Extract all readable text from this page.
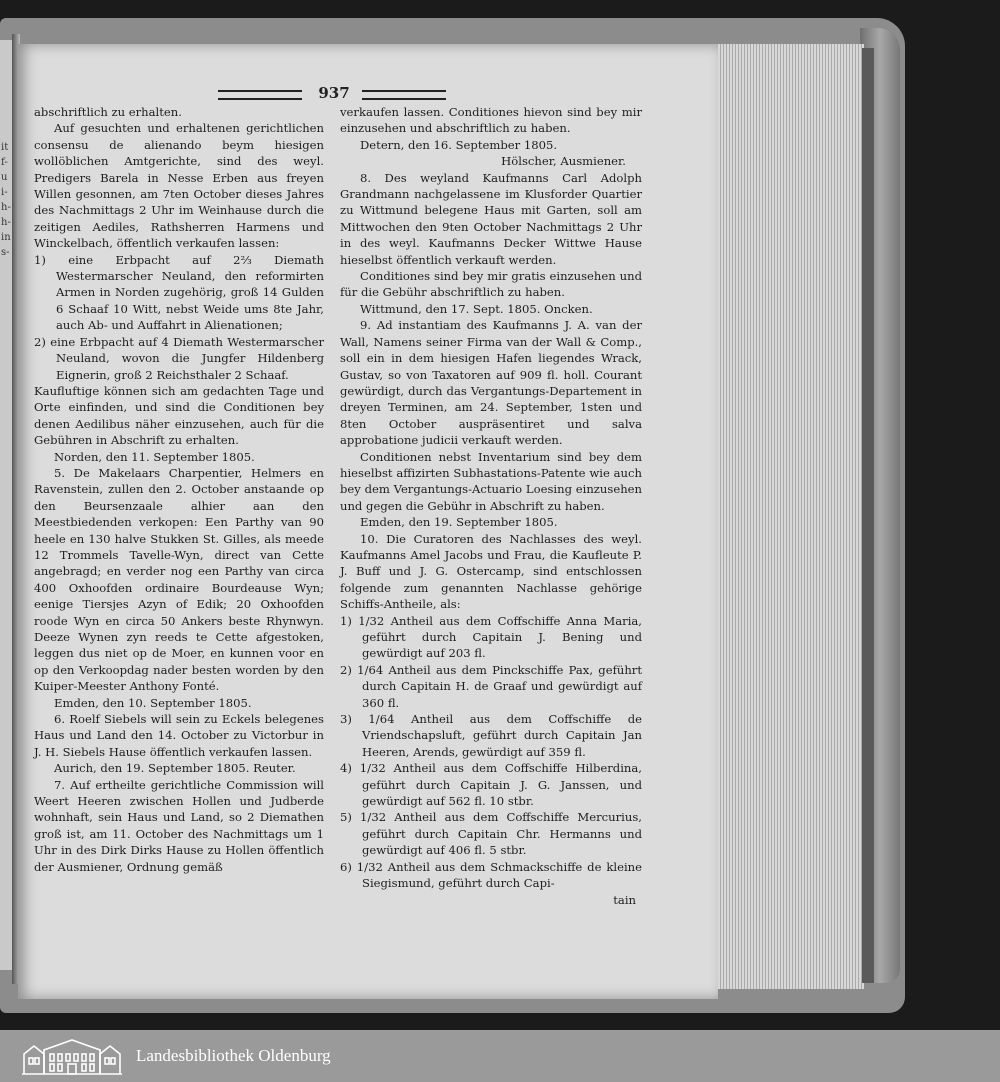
it f- u i- h- h- in s-
937

abschriftlich zu erhalten.

Auf gesuchten und erhaltenen gerichtlichen consensu de alienando beym hiesigen wollöblichen Amtgerichte, sind des weyl. Predigers Barela in Nesse Erben aus freyen Willen gesonnen, am 7ten October dieses Jahres des Nachmittags 2 Uhr im Weinhause durch die zeitigen Aediles, Rathsherren Harmens und Winckelbach, öffentlich verkaufen lassen:

1) eine Erbpacht auf 2⅔ Diemath Westermarscher Neuland, den reformirten Armen in Norden zugehörig, groß 14 Gulden 6 Schaaf 10 Witt, nebst Weide ums 8te Jahr, auch Ab- und Auffahrt in Alienationen;

2) eine Erbpacht auf 4 Diemath Westermarscher Neuland, wovon die Jungfer Hildenberg Eignerin, groß 2 Reichsthaler 2 Schaaf.

Kaufluftige können sich am gedachten Tage und Orte einfinden, und sind die Conditionen bey denen Aedilibus näher einzusehen, auch für die Gebühren in Abschrift zu erhalten.

Norden, den 11. September 1805.

5. De Makelaars Charpentier, Helmers en Ravenstein, zullen den 2. October anstaande op den Beursenzaale alhier aan den Meestbiedenden verkopen: Een Parthy van 90 heele en 130 halve Stukken St. Gilles, als meede 12 Trommels Tavelle-Wyn, direct van Cette angebragd; en verder nog een Parthy van circa 400 Oxhoofden ordinaire Bourdeause Wyn; eenige Tiersjes Azyn of Edik; 20 Oxhoofden roode Wyn en circa 50 Ankers beste Rhynwyn. Deeze Wynen zyn reeds te Cette afgestoken, leggen dus niet op de Moer, en kunnen voor en op den Verkoopdag nader besten worden by den Kuiper-Meester Anthony Fonté.

Emden, den 10. September 1805.

6. Roelf Siebels will sein zu Eckels belegenes Haus und Land den 14. October zu Victorbur in J. H. Siebels Hause öffentlich verkaufen lassen.

Aurich, den 19. September 1805. Reuter.

7. Auf ertheilte gerichtliche Commission will Weert Heeren zwischen Hollen und Judberde wohnhaft, sein Haus und Land, so 2 Diemathen groß ist, am 11. October des Nachmittags um 1 Uhr in des Dirk Dirks Hause zu Hollen öffentlich der Ausmiener, Ordnung gemäß

verkaufen lassen. Conditiones hievon sind bey mir einzusehen und abschriftlich zu haben.

Detern, den 16. September 1805.

Hölscher, Ausmiener.

8. Des weyland Kaufmanns Carl Adolph Grandmann nachgelassene im Klusforder Quartier zu Wittmund belegene Haus mit Garten, soll am Mittwochen den 9ten October Nachmittags 2 Uhr in des weyl. Kaufmanns Decker Wittwe Hause hieselbst öffentlich verkauft werden.

Conditiones sind bey mir gratis einzusehen und für die Gebühr abschriftlich zu haben.

Wittmund, den 17. Sept. 1805. Oncken.

9. Ad instantiam des Kaufmanns J. A. van der Wall, Namens seiner Firma van der Wall & Comp., soll ein in dem hiesigen Hafen liegendes Wrack, Gustav, so von Taxatoren auf 909 fl. holl. Courant gewürdigt, durch das Vergantungs-Departement in dreyen Terminen, am 24. September, 1sten und 8ten October auspräsentiret und salva approbatione judicii verkauft werden.

Conditionen nebst Inventarium sind bey dem hieselbst affizirten Subhastations-Patente wie auch bey dem Vergantungs-Actuario Loesing einzusehen und gegen die Gebühr in Abschrift zu haben.

Emden, den 19. September 1805.

10. Die Curatoren des Nachlasses des weyl. Kaufmanns Amel Jacobs und Frau, die Kaufleute P. J. Buff und J. G. Ostercamp, sind entschlossen folgende zum genannten Nachlasse gehörige Schiffs-Antheile, als:

1) 1/32 Antheil aus dem Coffschiffe Anna Maria, geführt durch Capitain J. Bening und gewürdigt auf 203 fl.

2) 1/64 Antheil aus dem Pinckschiffe Pax, geführt durch Capitain H. de Graaf und gewürdigt auf 360 fl.

3) 1/64 Antheil aus dem Coffschiffe de Vriendschapsluft, geführt durch Capitain Jan Heeren, Arends, gewürdigt auf 359 fl.

4) 1/32 Antheil aus dem Coffschiffe Hilberdina, geführt durch Capitain J. G. Janssen, und gewürdigt auf 562 fl. 10 stbr.

5) 1/32 Antheil aus dem Coffschiffe Mercurius, geführt durch Capitain Chr. Hermanns und gewürdigt auf 406 fl. 5 stbr.

6) 1/32 Antheil aus dem Schmackschiffe de kleine Siegismund, geführt durch Capi-

tain

Landesbibliothek Oldenburg
